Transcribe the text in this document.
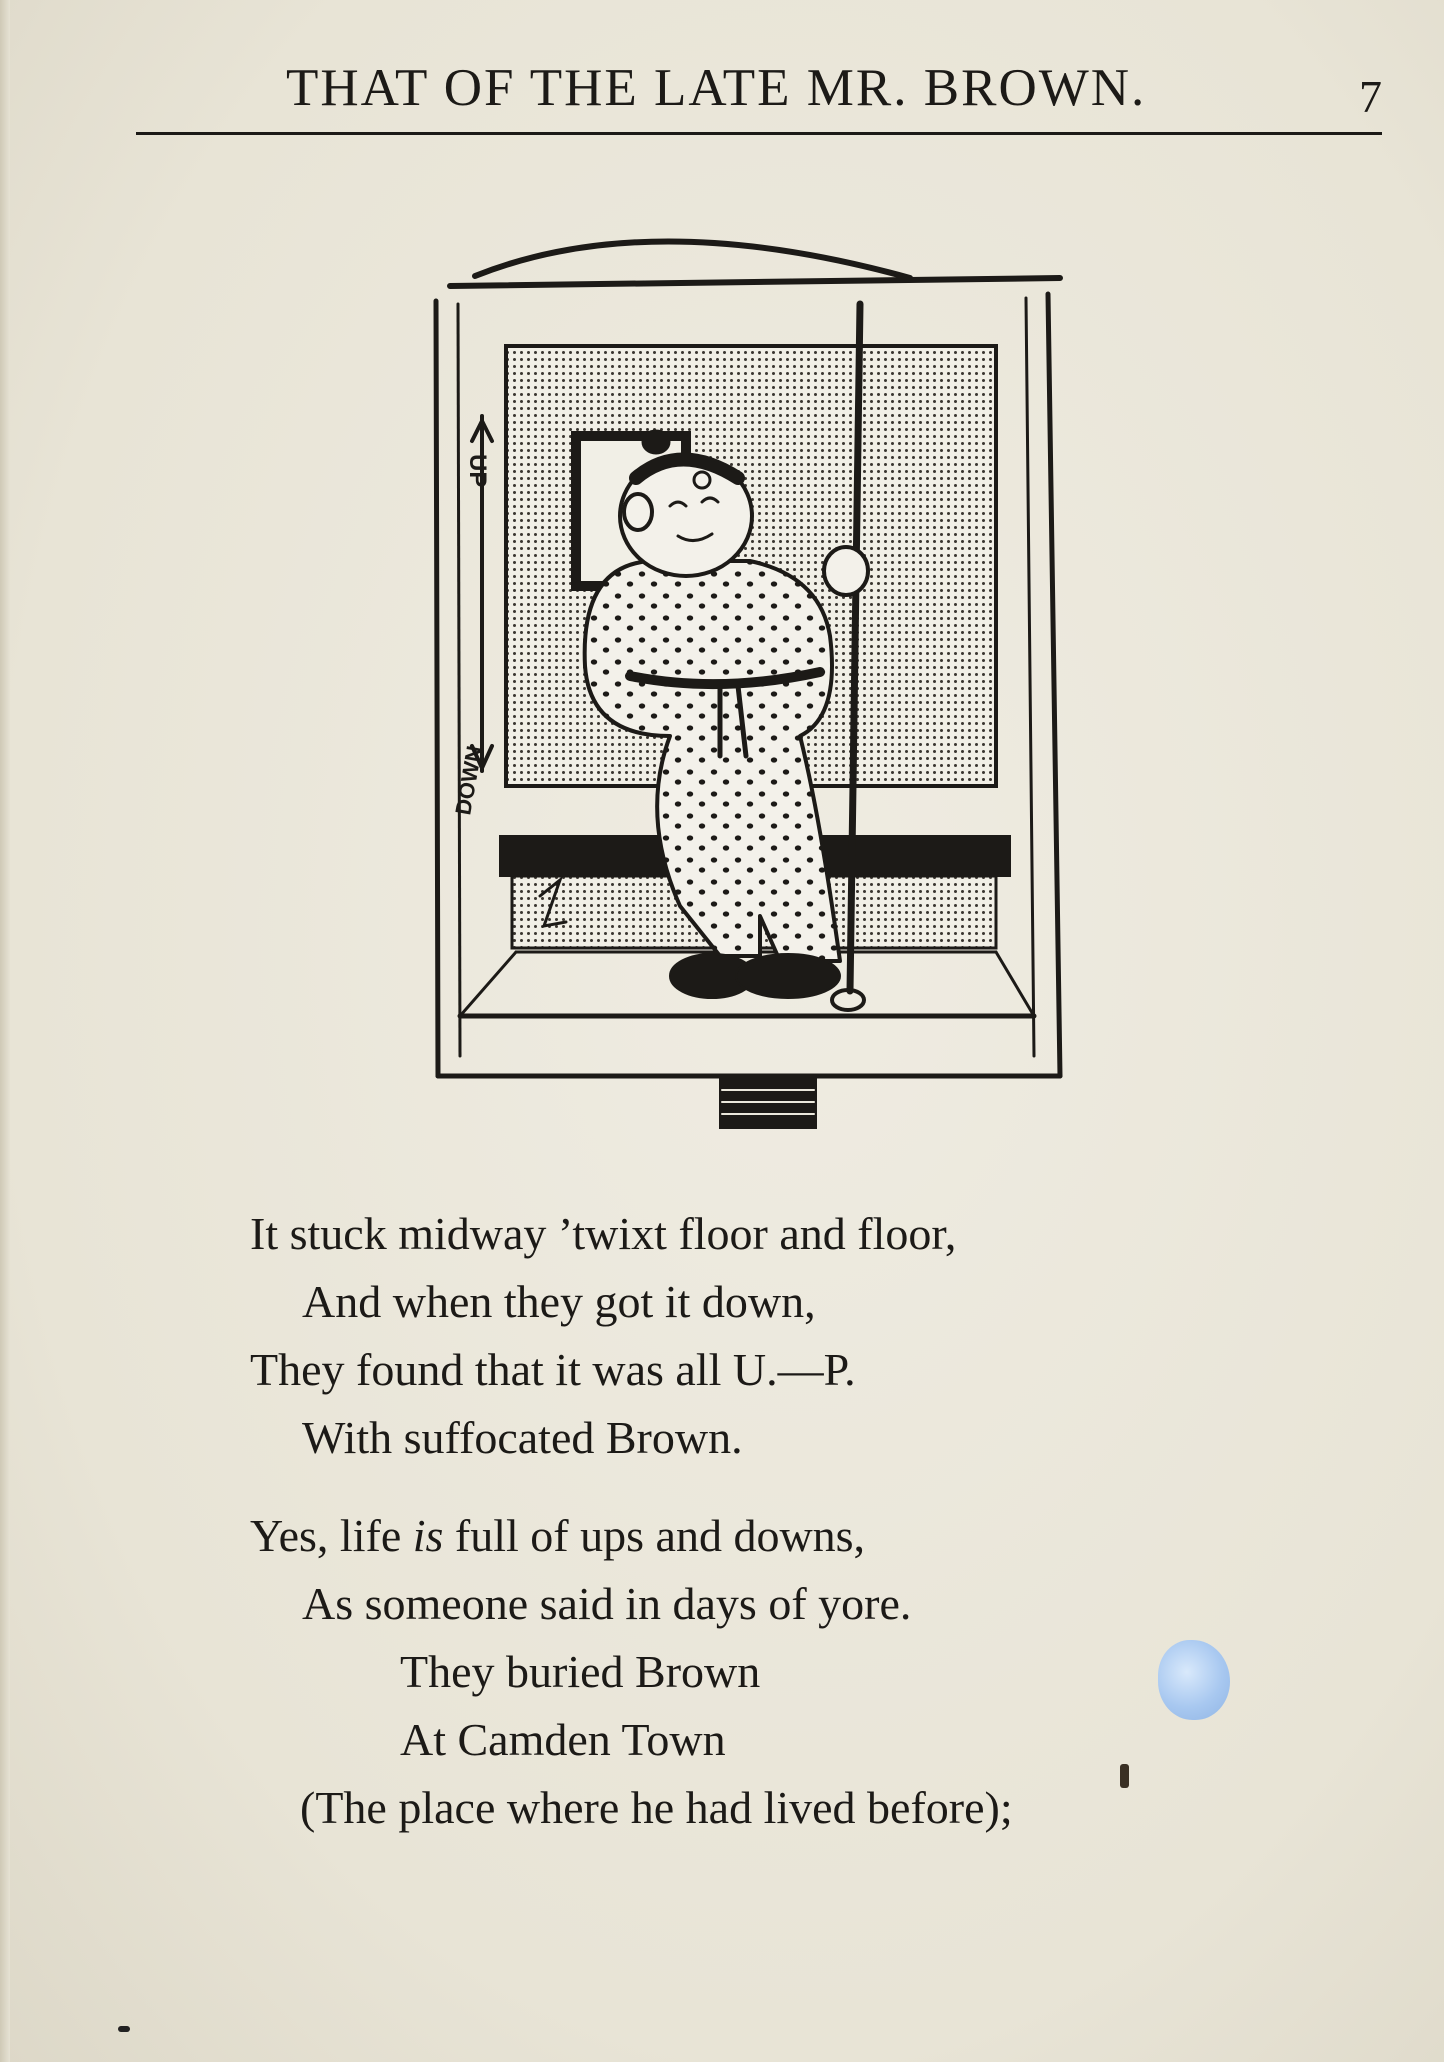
THAT OF THE LATE MR. BROWN.	7
UP
DOWN
It stuck midway ’twixt floor and floor,
And when they got it down,
They found that it was all U.—P.
With suffocated Brown.
Yes, life is full of ups and downs,
As someone said in days of yore.
They buried Brown
At Camden Town
(The place where he had lived before);
